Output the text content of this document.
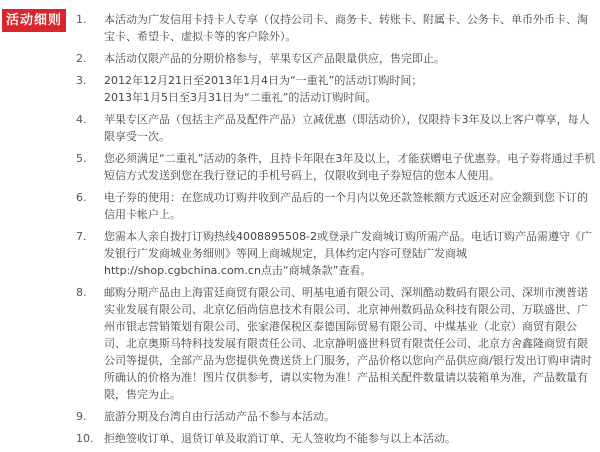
活动细则	1.	本活动为广发信用卡持卡人专享（仅持公司卡、商务卡、转账卡、附属卡、公务卡、单币外币卡、淘宝卡、希望卡、虚拟卡等的客户除外）。
2.	本活动仅限产品的分期价格参与，苹果专区产品限量供应，售完即止。
3.	2012年12月21日至2013年1月4日为“一重礼”的活动订购时间；
2013年1月5日至3月31日为“二重礼”的活动订购时间。
4.	苹果专区产品（包括主产品及配件产品）立减优惠（即活动价），仅限持卡3年及以上客户尊享，每人限享受一次。
5.	您必须满足“二重礼”活动的条件，且持卡年限在3年及以上，才能获赠电子优惠券。电子券将通过手机短信方式发送到您在我行登记的手机号码上，仅限收到电子券短信的您本人使用。
6.	电子券的使用：在您成功订购并收到产品后的一个月内以免还款签帐额方式返还对应金额到您下订的信用卡帐户上。
7.	您需本人亲自拨打订购热线4008895508-2或登录广发商城订购所需产品。电话订购产品需遵守《广发银行广发商城业务细则》等网上商城规定，具体约定内容可登陆广发商城http://shop.cgbchina.com.cn点击“商城条款”查看。
8.	邮购分期产品由上海雷廷商贸有限公司、明基电通有限公司、深圳酷动数码有限公司、深圳市澳普诺实业发展有限公司、北京亿佰尚信息技术有限公司、北京神州数码品众科技有限公司、万联盛世、广州市银志营销策划有限公司、张家港保税区泰德国际贸易有限公司、中煤基业（北京）商贸有限公司、北京奥斯马特科技发展有限责任公司、北京静明盛世科贸有限责任公司、北京方舍鑫隆商贸有限公司等提供，全部产品为您提供免费送货上门服务，产品价格以您向产品供应商/银行发出订购申请时所确认的价格为准！图片仅供参考，请以实物为准！产品相关配件数量请以装箱单为准，产品数量有限，售完为止。
9.	旅游分期及台湾自由行活动产品不参与本活动。
10. 拒绝签收订单、退货订单及取消订单、无人签收均不能参与以上本活动。
